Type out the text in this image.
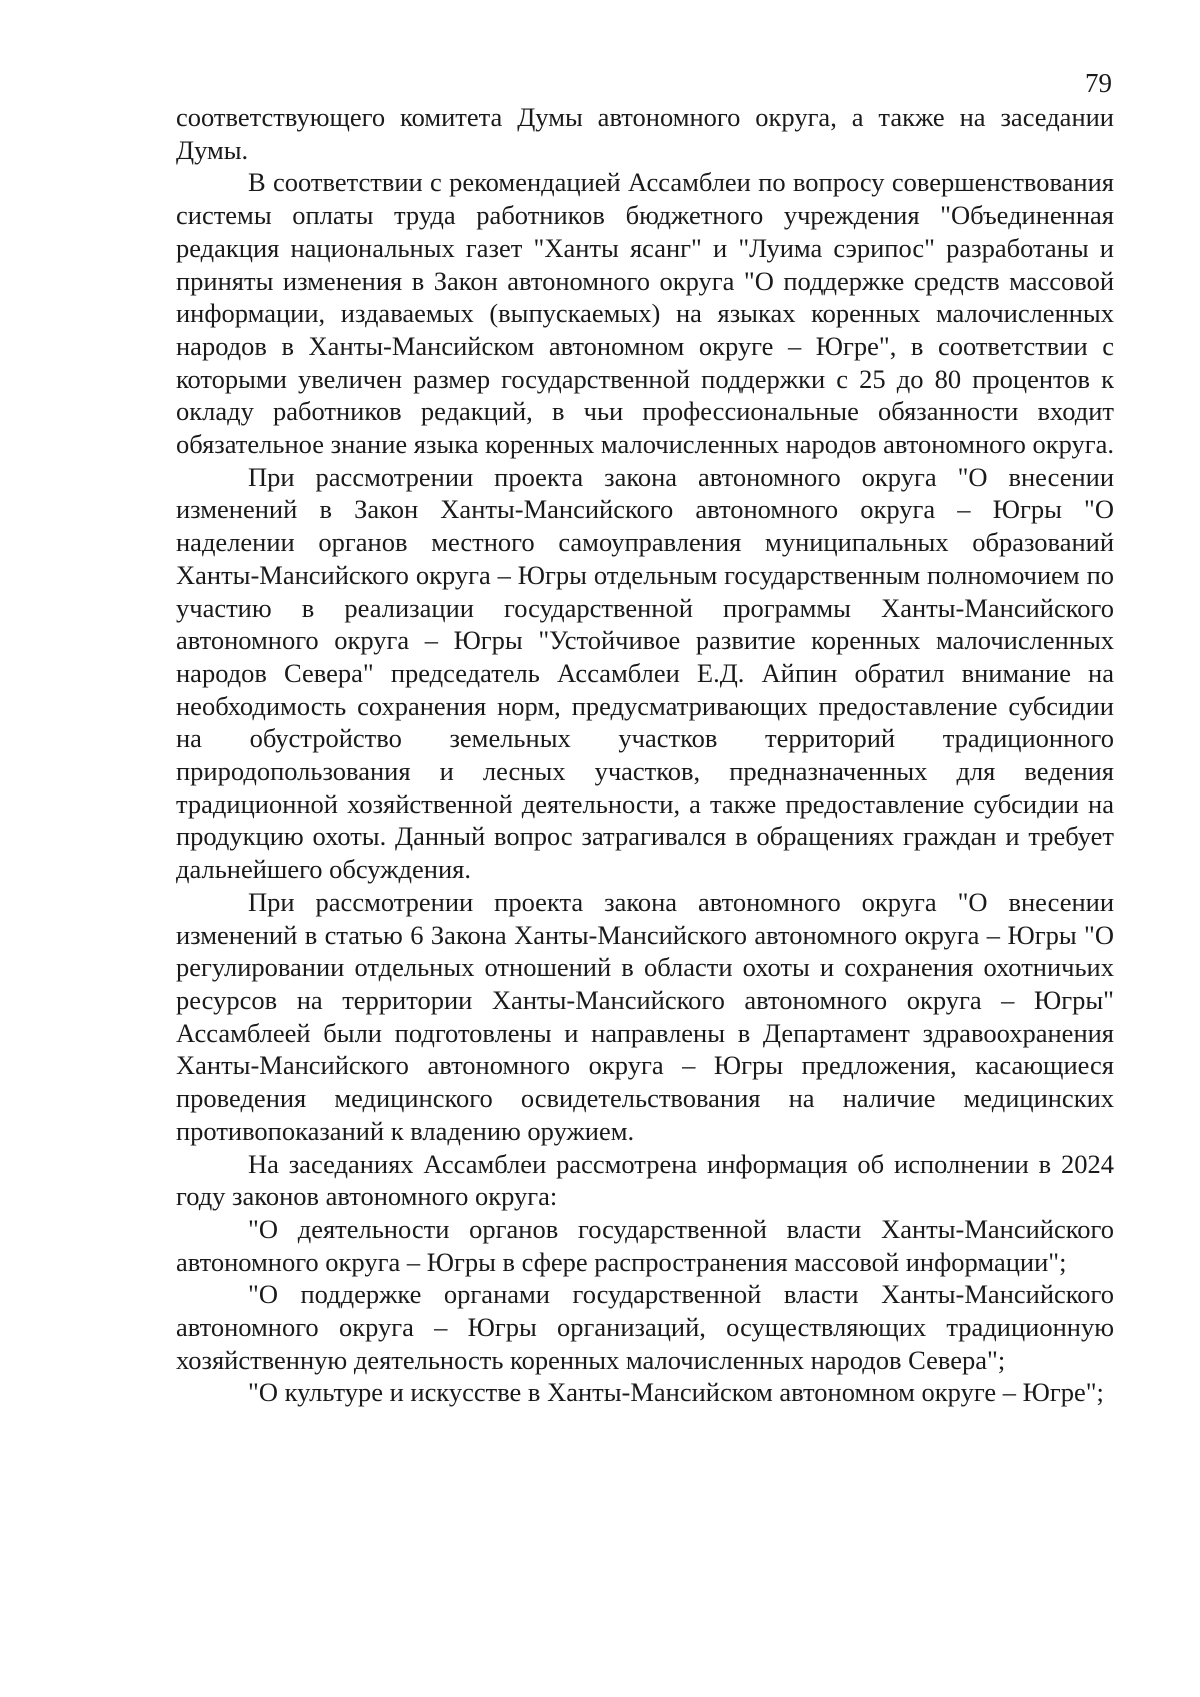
79

соответствующего комитета Думы автономного округа, а также на заседании Думы.

В соответствии с рекомендацией Ассамблеи по вопросу совершенствования системы оплаты труда работников бюджетного учреждения "Объединенная редакция национальных газет "Ханты ясанг" и "Луима сэрипос" разработаны и приняты изменения в Закон автономного округа "О поддержке средств массовой информации, издаваемых (выпускаемых) на языках коренных малочисленных народов в Ханты-Мансийском автономном округе – Югре", в соответствии с которыми увеличен размер государственной поддержки с 25 до 80 процентов к окладу работников редакций, в чьи профессиональные обязанности входит обязательное знание языка коренных малочисленных народов автономного округа.

При рассмотрении проекта закона автономного округа "О внесении изменений в Закон Ханты-Мансийского автономного округа – Югры "О наделении органов местного самоуправления муниципальных образований Ханты-Мансийского округа – Югры отдельным государственным полномочием по участию в реализации государственной программы Ханты-Мансийского автономного округа – Югры "Устойчивое развитие коренных малочисленных народов Севера" председатель Ассамблеи Е.Д. Айпин обратил внимание на необходимость сохранения норм, предусматривающих предоставление субсидии на обустройство земельных участков территорий традиционного природопользования и лесных участков, предназначенных для ведения традиционной хозяйственной деятельности, а также предоставление субсидии на продукцию охоты. Данный вопрос затрагивался в обращениях граждан и требует дальнейшего обсуждения.

При рассмотрении проекта закона автономного округа "О внесении изменений в статью 6 Закона Ханты-Мансийского автономного округа – Югры "О регулировании отдельных отношений в области охоты и сохранения охотничьих ресурсов на территории Ханты-Мансийского автономного округа – Югры" Ассамблеей были подготовлены и направлены в Департамент здравоохранения Ханты-Мансийского автономного округа – Югры предложения, касающиеся проведения медицинского освидетельствования на наличие медицинских противопоказаний к владению оружием.

На заседаниях Ассамблеи рассмотрена информация об исполнении в 2024 году законов автономного округа:

"О деятельности органов государственной власти Ханты-Мансийского автономного округа – Югры в сфере распространения массовой информации";

"О поддержке органами государственной власти Ханты-Мансийского автономного округа – Югры организаций, осуществляющих традиционную хозяйственную деятельность коренных малочисленных народов Севера";

"О культуре и искусстве в Ханты-Мансийском автономном округе – Югре";
